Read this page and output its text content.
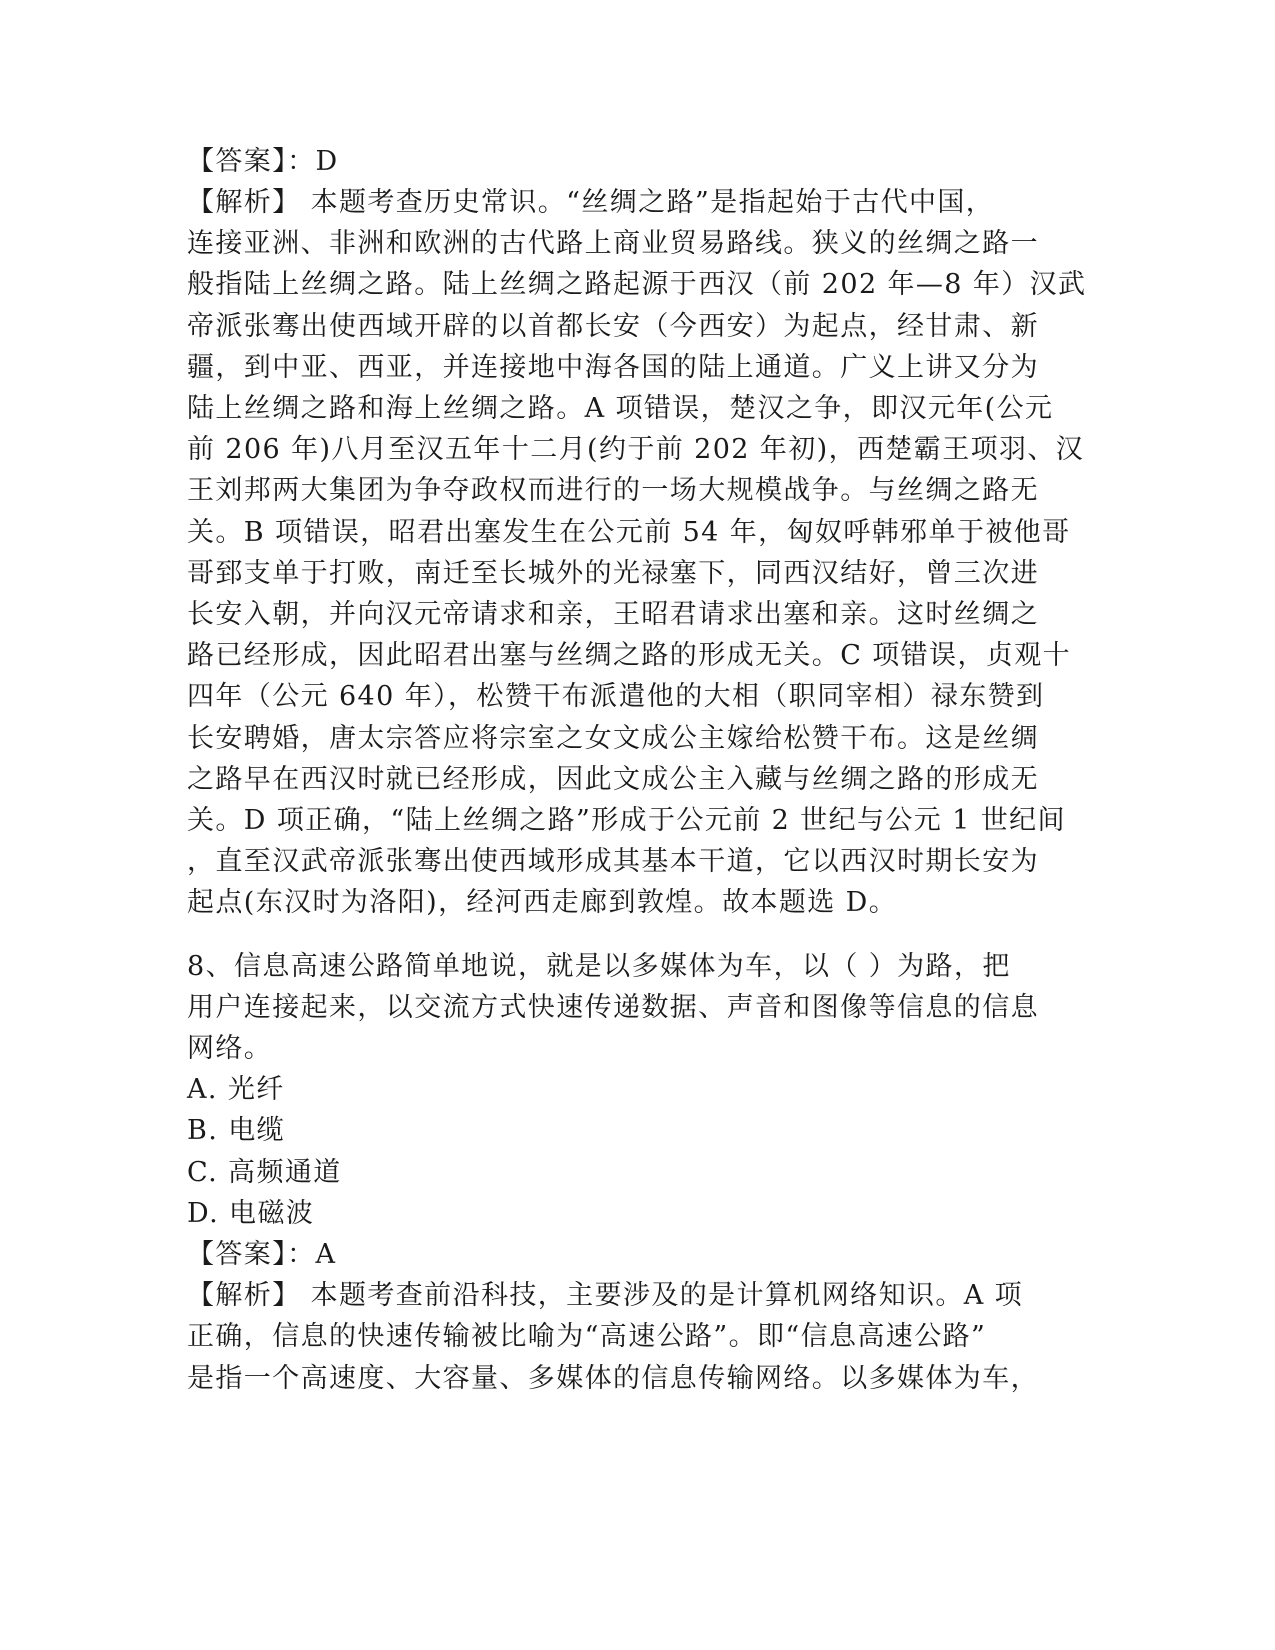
【答案】：D
【解析】 本题考查历史常识。“丝绸之路”是指起始于古代中国，
连接亚洲、非洲和欧洲的古代路上商业贸易路线。狭义的丝绸之路一
般指陆上丝绸之路。陆上丝绸之路起源于西汉（前 202 年—8 年）汉武
帝派张骞出使西域开辟的以首都长安（今西安）为起点，经甘肃、新
疆，到中亚、西亚，并连接地中海各国的陆上通道。广义上讲又分为
陆上丝绸之路和海上丝绸之路。A 项错误，楚汉之争，即汉元年(公元
前 206 年)八月至汉五年十二月(约于前 202 年初)，西楚霸王项羽、汉
王刘邦两大集团为争夺政权而进行的一场大规模战争。与丝绸之路无
关。B 项错误，昭君出塞发生在公元前 54 年，匈奴呼韩邪单于被他哥
哥郅支单于打败，南迁至长城外的光禄塞下，同西汉结好，曾三次进
长安入朝，并向汉元帝请求和亲，王昭君请求出塞和亲。这时丝绸之
路已经形成，因此昭君出塞与丝绸之路的形成无关。C 项错误，贞观十
四年（公元 640 年），松赞干布派遣他的大相（职同宰相）禄东赞到
长安聘婚，唐太宗答应将宗室之女文成公主嫁给松赞干布。这是丝绸
之路早在西汉时就已经形成，因此文成公主入藏与丝绸之路的形成无
关。D 项正确，“陆上丝绸之路”形成于公元前 2 世纪与公元 1 世纪间
，直至汉武帝派张骞出使西域形成其基本干道，它以西汉时期长安为
起点(东汉时为洛阳)，经河西走廊到敦煌。故本题选 D。
8、信息高速公路简单地说，就是以多媒体为车，以（ ）为路，把
用户连接起来，以交流方式快速传递数据、声音和图像等信息的信息
网络。
A. 光纤
B. 电缆
C. 高频通道
D. 电磁波
【答案】：A
【解析】 本题考查前沿科技，主要涉及的是计算机网络知识。A 项
正确，信息的快速传输被比喻为“高速公路”。即“信息高速公路”
是指一个高速度、大容量、多媒体的信息传输网络。以多媒体为车，
